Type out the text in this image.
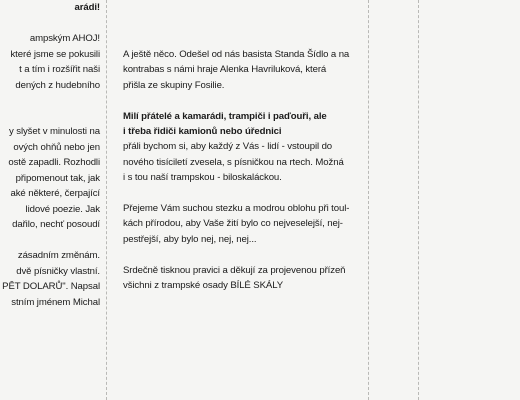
arádi!
ampským AHOJ!
které jsme se pokusili
t a tím i rozšířit naši
dených z hudebního
y slyšet v minulosti na
ových ohňů nebo jen
ostě zapadli. Rozhodli
připomenout tak, jak
aké některé, čerpající
lidové poezie. Jak
dařilo, nechť posoudí
zásadním změnám.
dvě písničky vlastní.
PĚT DOLARŮ". Napsal
stním jménem Michal

A ještě něco. Odešel od nás basista Standa Šídlo a na
kontrabas s námi hraje Alenka Havriluková, která
přišla ze skupiny Fosilie.

Milí přátelé a kamarádi, trampiči i paďouři, ale
i třeba řidiči kamionů nebo úřednici
přáli bychom si, aby každý z Vás - lidí - vstoupil do
nového tisíciletí zvesela, s písničkou na rtech. Možná
i s tou naší trampskou - biloskaláckou.

Přejeme Vám suchou stezku a modrou oblohu při toul-
kách přírodou, aby Vaše žití bylo co nejveselejší, nej-
pestřejší, aby bylo nej, nej, nej...

Srdečně tisknou pravici a děkují za projevenou přízeň
všichni z trampské osady BÍLÉ SKÁLY
